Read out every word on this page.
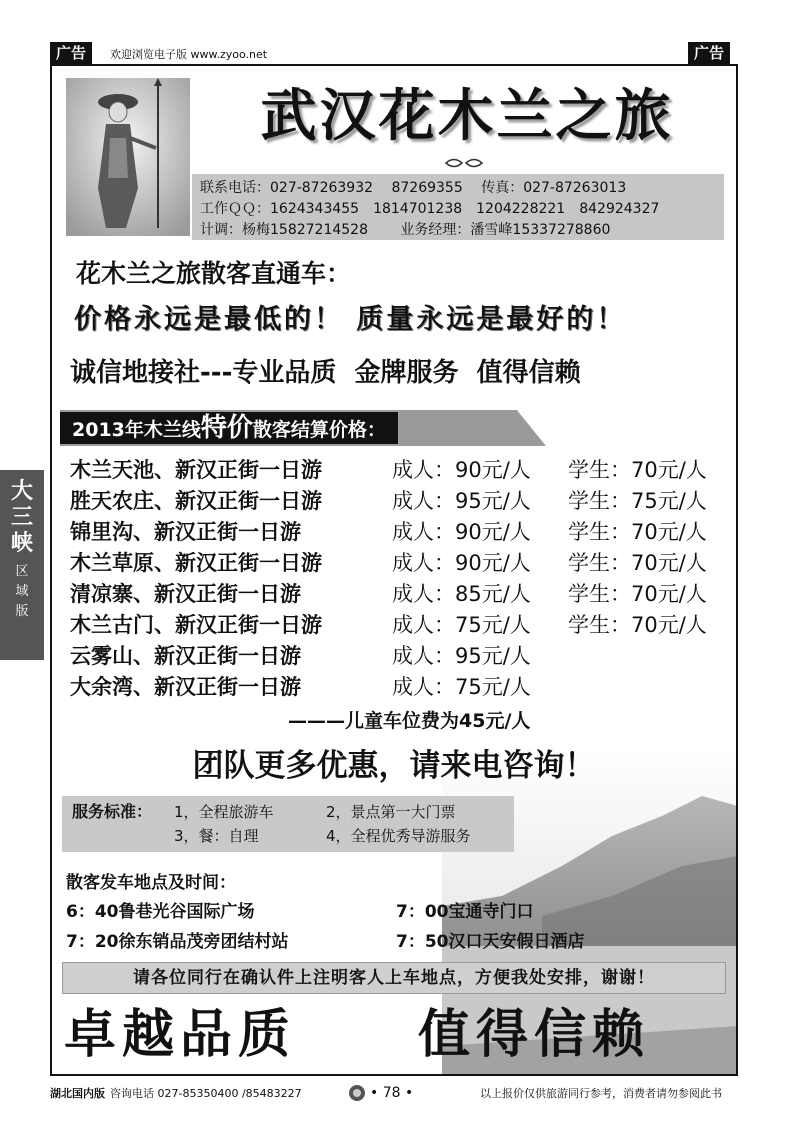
广告	欢迎浏览电子版 www.zyoo.net	广告
大三峡
区
域
版
武汉花木兰之旅
联系电话：027-87263932　 87269355　 传真：027-87263013
工作ＱＱ：1624343455　1814701238　1204228221　842924327
计调：杨梅15827214528　　 业务经理：潘雪峰15337278860
花木兰之旅散客直通车：
价格永远是最低的！ 质量永远是最好的！
诚信地接社---专业品质  金牌服务  值得信赖
2013年木兰线特价散客结算价格：
木兰天池、新汉正街一日游	成人：90元/人 学生：70元/人
胜天农庄、新汉正街一日游	成人：95元/人 学生：75元/人
锦里沟、新汉正街一日游	成人：90元/人 学生：70元/人
木兰草原、新汉正街一日游	成人：90元/人 学生：70元/人
清凉寨、新汉正街一日游	成人：85元/人 学生：70元/人
木兰古门、新汉正街一日游	成人：75元/人 学生：70元/人
云雾山、新汉正街一日游	成人：95元/人
大余湾、新汉正街一日游	成人：75元/人
———儿童车位费为45元/人
团队更多优惠，请来电咨询！
服务标准： 1，全程旅游车	2，景点第一大门票
3，餐：自理	4，全程优秀导游服务
散客发车地点及时间：
6：40鲁巷光谷国际广场	7：00宝通寺门口
7：20徐东销品茂旁团结村站	7：50汉口天安假日酒店
请各位同行在确认件上注明客人上车地点，方便我处安排，谢谢！
卓越品质 值得信赖
湖北国内版 咨询电话 027-85350400 /85483227	• 78 •	以上报价仅供旅游同行参考，消费者请勿参阅此书
